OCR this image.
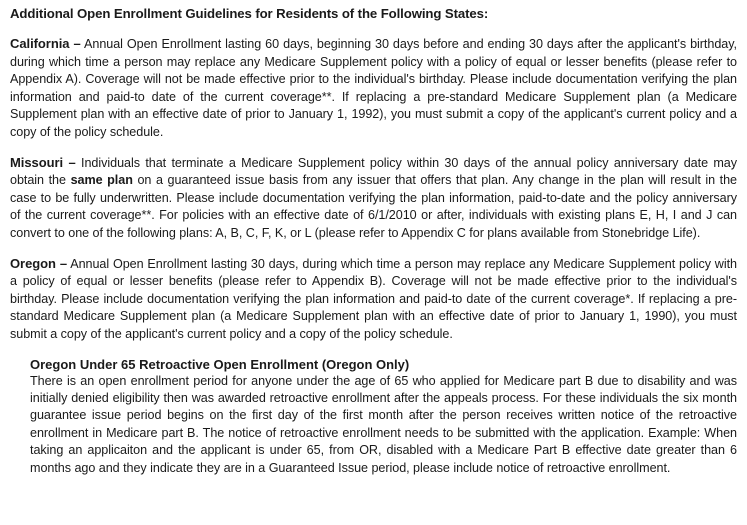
Additional Open Enrollment Guidelines for Residents of the Following States:

California – Annual Open Enrollment lasting 60 days, beginning 30 days before and ending 30 days after the applicant's birthday, during which time a person may replace any Medicare Supplement policy with a policy of equal or lesser benefits (please refer to Appendix A). Coverage will not be made effective prior to the individual's birthday. Please include documentation verifying the plan information and paid-to date of the current coverage**. If replacing a pre-standard Medicare Supplement plan (a Medicare Supplement plan with an effective date of prior to January 1, 1992), you must submit a copy of the applicant's current policy and a copy of the policy schedule.

Missouri – Individuals that terminate a Medicare Supplement policy within 30 days of the annual policy anniversary date may obtain the same plan on a guaranteed issue basis from any issuer that offers that plan. Any change in the plan will result in the case to be fully underwritten. Please include documentation verifying the plan information, paid-to-date and the policy anniversary of the current coverage**. For policies with an effective date of 6/1/2010 or after, individuals with existing plans E, H, I and J can convert to one of the following plans: A, B, C, F, K, or L (please refer to Appendix C for plans available from Stonebridge Life).

Oregon – Annual Open Enrollment lasting 30 days, during which time a person may replace any Medicare Supplement policy with a policy of equal or lesser benefits (please refer to Appendix B). Coverage will not be made effective prior to the individual's birthday. Please include documentation verifying the plan information and paid-to date of the current coverage*. If replacing a pre-standard Medicare Supplement plan (a Medicare Supplement plan with an effective date of prior to January 1, 1990), you must submit a copy of the applicant's current policy and a copy of the policy schedule.

Oregon Under 65 Retroactive Open Enrollment (Oregon Only)

There is an open enrollment period for anyone under the age of 65 who applied for Medicare part B due to disability and was initially denied eligibility then was awarded retroactive enrollment after the appeals process. For these individuals the six month guarantee issue period begins on the first day of the first month after the person receives written notice of the retroactive enrollment in Medicare part B. The notice of retroactive enrollment needs to be submitted with the application. Example: When taking an applicaiton and the applicant is under 65, from OR, disabled with a Medicare Part B effective date greater than 6 months ago and they indicate they are in a Guaranteed Issue period, please include notice of retroactive enrollment.
